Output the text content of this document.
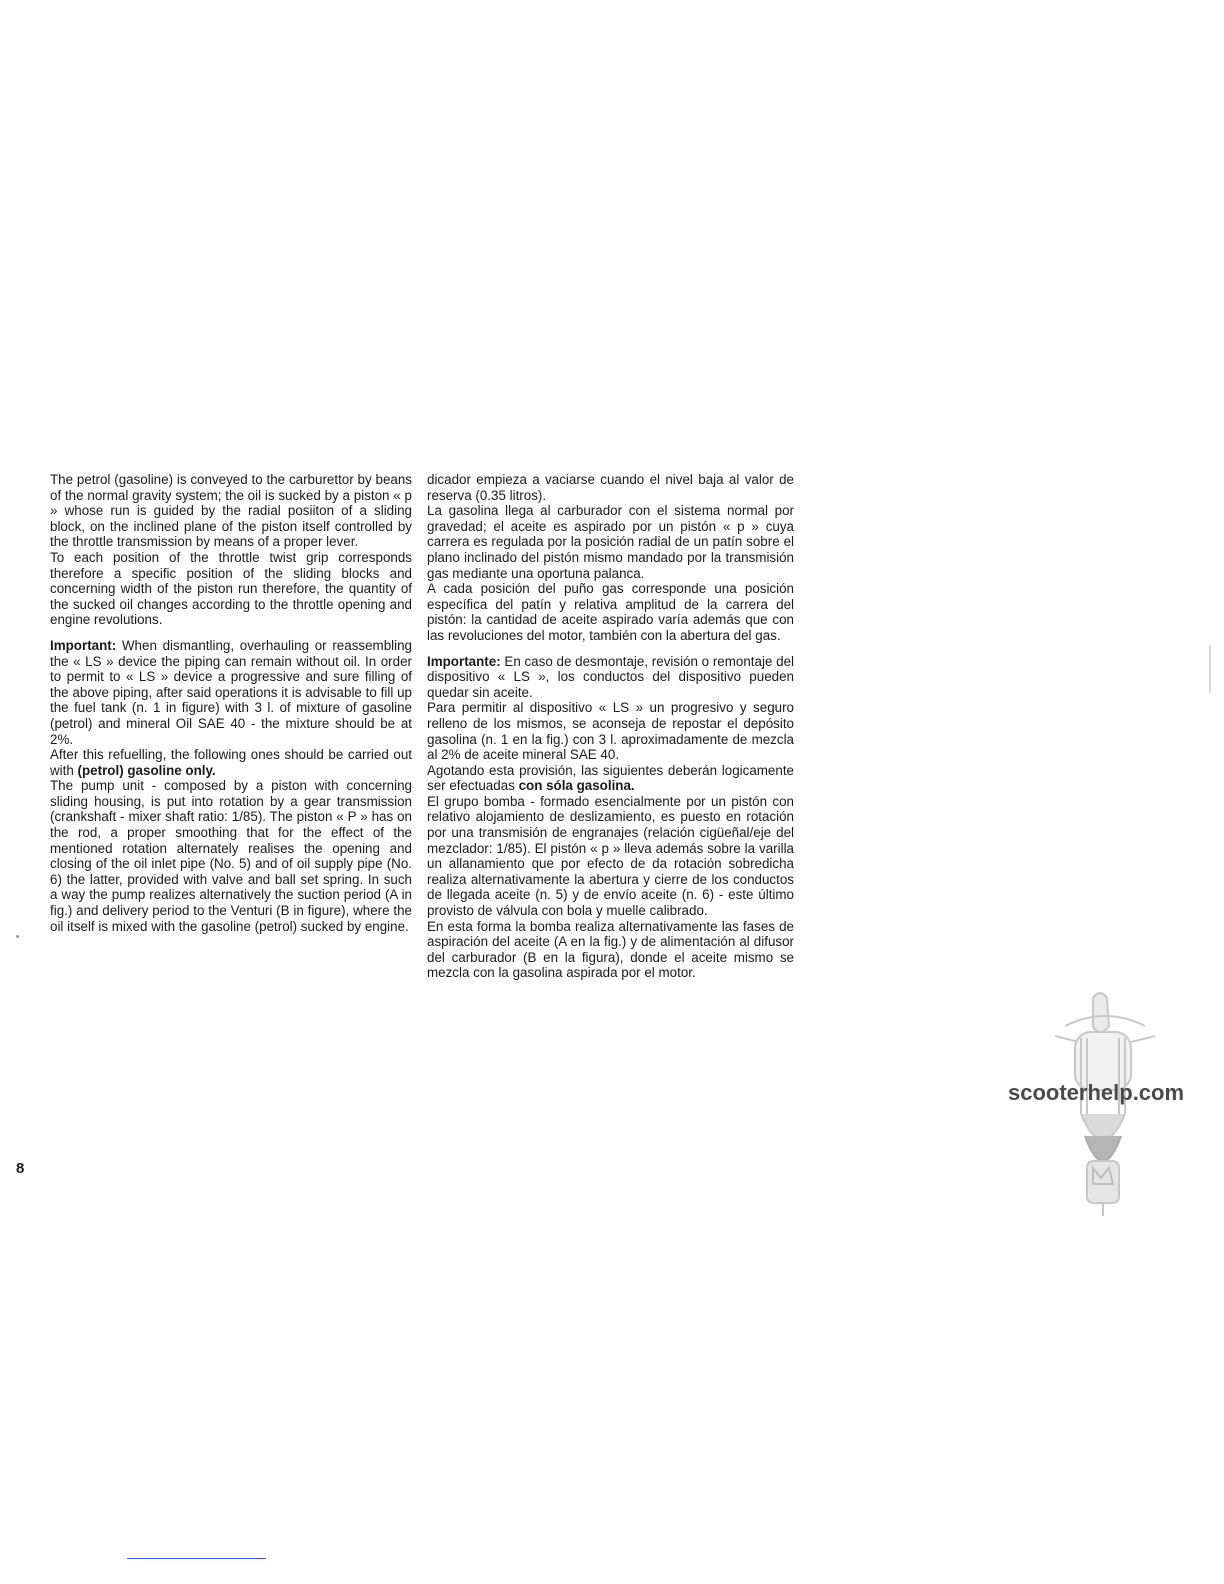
The petrol (gasoline) is conveyed to the carburettor by beans of the normal gravity system; the oil is sucked by a piston « p » whose run is guided by the radial posiiton of a sliding block, on the inclined plane of the piston itself controlled by the throttle transmission by means of a proper lever.

To each position of the throttle twist grip corresponds therefore a specific position of the sliding blocks and concerning width of the piston run therefore, the quantity of the sucked oil changes according to the throttle opening and engine revolutions.

Important: When dismantling, overhauling or reassembling the « LS » device the piping can remain without oil. In order to permit to « LS » device a progressive and sure filling of the above piping, after said operations it is advisable to fill up the fuel tank (n. 1 in figure) with 3 l. of mixture of gasoline (petrol) and mineral Oil SAE 40 - the mixture should be at 2%.

After this refuelling, the following ones should be carried out with (petrol) gasoline only.

The pump unit - composed by a piston with concerning sliding housing, is put into rotation by a gear transmission (crankshaft - mixer shaft ratio: 1/85). The piston « P » has on the rod, a proper smoothing that for the effect of the mentioned rotation alternately realises the opening and closing of the oil inlet pipe (No. 5) and of oil supply pipe (No. 6) the latter, provided with valve and ball set spring. In such a way the pump realizes alternatively the suction period (A in fig.) and delivery period to the Venturi (B in figure), where the oil itself is mixed with the gasoline (petrol) sucked by engine.

dicador empieza a vaciarse cuando el nivel baja al valor de reserva (0.35 litros).

La gasolina llega al carburador con el sistema normal por gravedad; el aceite es aspirado por un pistón « p » cuya carrera es regulada por la posición radial de un patín sobre el plano inclinado del pistón mismo mandado por la transmisión gas mediante una oportuna palanca.

A cada posición del puño gas corresponde una posición específica del patín y relativa amplitud de la carrera del pistón: la cantidad de aceite aspirado varía además que con las revoluciones del motor, también con la abertura del gas.

Importante: En caso de desmontaje, revisión o remontaje del dispositivo « LS », los conductos del dispositivo pueden quedar sin aceite.

Para permitir al dispositivo « LS » un progresivo y seguro relleno de los mismos, se aconseja de repostar el depósito gasolina (n. 1 en la fig.) con 3 l. aproximadamente de mezcla al 2% de aceite mineral SAE 40.

Agotando esta provisión, las siguientes deberán logicamente ser efectuadas con sóla gasolina.

El grupo bomba - formado esencialmente por un pistón con relativo alojamiento de deslizamiento, es puesto en rotación por una transmisión de engranajes (relación cigüeñal/eje del mezclador: 1/85). El pistón « p » lleva además sobre la varilla un allanamiento que por efecto de da rotación sobredicha realiza alternativamente la abertura y cierre de los conductos de llegada aceite (n. 5) y de envío aceite (n. 6) - este último provisto de válvula con bola y muelle calibrado.

En esta forma la bomba realiza alternativamente las fases de aspiración del aceite (A en la fig.) y de alimentación al difusor del carburador (B en la figura), donde el aceite mismo se mezcla con la gasolina aspirada por el motor.

8
scooterhelp.com
